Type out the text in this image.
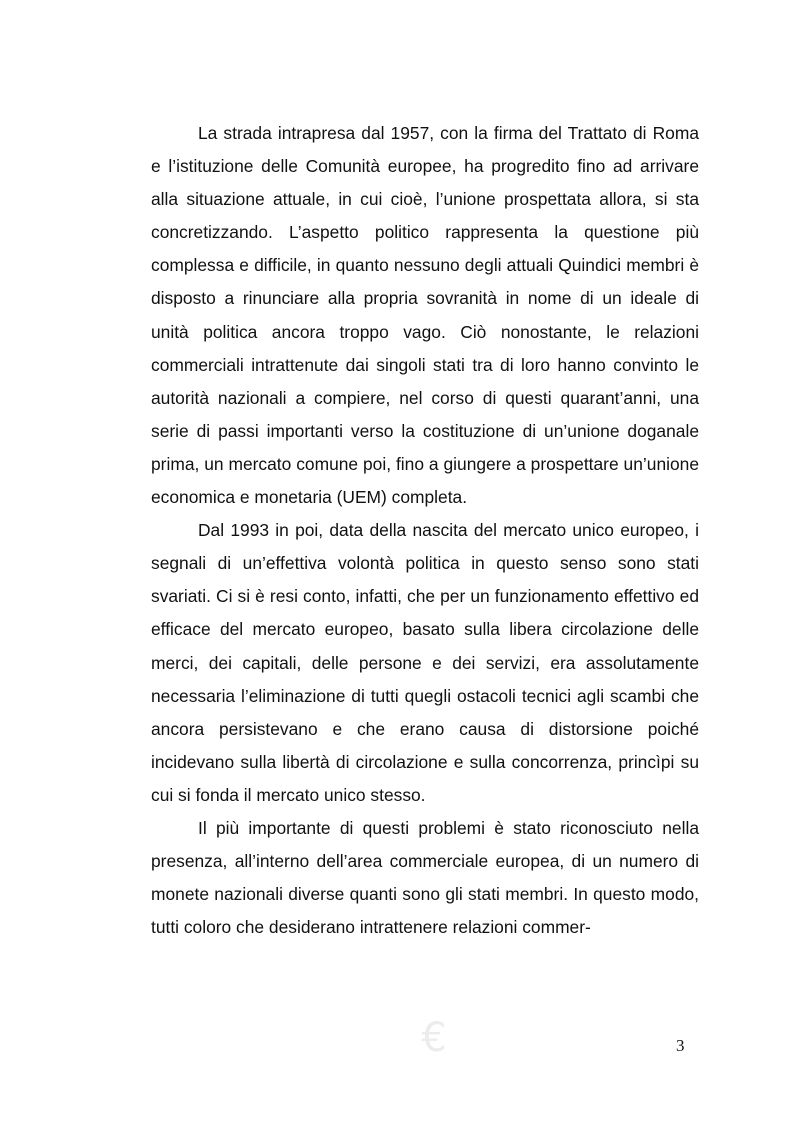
La strada intrapresa dal 1957, con la firma del Trattato di Roma e l’istituzione delle Comunità europee, ha progredito fino ad arrivare alla situazione attuale, in cui cioè, l’unione prospettata allora, si sta concretizzando. L’aspetto politico rappresenta la questione più complessa e difficile, in quanto nessuno degli attuali Quindici membri è disposto a rinunciare alla propria sovranità in nome di un ideale di unità politica ancora troppo vago. Ciò nonostante, le relazioni commerciali intrattenute dai singoli stati tra di loro hanno convinto le autorità nazionali a compiere, nel corso di questi quarant’anni, una serie di passi importanti verso la costituzione di un’unione doganale prima, un mercato comune poi, fino a giungere a prospettare un’unione economica e monetaria (UEM) completa.

Dal 1993 in poi, data della nascita del mercato unico europeo, i segnali di un’effettiva volontà politica in questo senso sono stati svariati. Ci si è resi conto, infatti, che per un funzionamento effettivo ed efficace del mercato europeo, basato sulla libera circolazione delle merci, dei capitali, delle persone e dei servizi, era assolutamente necessaria l’eliminazione di tutti quegli ostacoli tecnici agli scambi che ancora persistevano e che erano causa di distorsione poiché incidevano sulla libertà di circolazione e sulla concorrenza, princìpi su cui si fonda il mercato unico stesso.

Il più importante di questi problemi è stato riconosciuto nella presenza, all’interno dell’area commerciale europea, di un numero di monete nazionali diverse quanti sono gli stati membri. In questo modo, tutti coloro che desiderano intrattenere relazioni commer-

€	3
